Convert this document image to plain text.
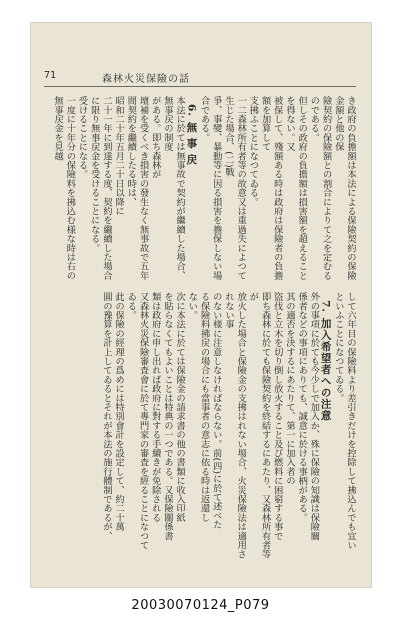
71	森林火災保險の話

き政府の負擔額は本法による保險契約の保險金額と他の保

險契約の保險額との割合によりて之を定むるのである。

但しその政府の負擔額は損害額を超えることを得ない。又

被保して、殘額ある時は政府は保險者の負擔額を加算して

支拂ふことになつてゐる。

一二森林所有者等の故意又は重過失によつて生じた場合、(二)戰

爭、事變、暴動等に因る損害を擔保しない場合である。

6. 無 事 戻

本法に於ては無事故で契約が繼續した場合、無事戻の制度

がある。即ち森林が

壇補を受くべき損害の發生なく無事故で五年間契約を繼續したる時は、

昭和二十年五月二十日以降に

二十一年に到達する度、契約を繼續した場合に限り無事戻金を受けることになる。

受けることになる。

一度に十年分の保險料を拂込む様な時は右の無事戻金を見越

して六年目の保險料より差引きだけを控除して拂込んでも宜い

といふことになつてゐる。

7. 加入希望者への注意

外の事項に於ても今少しで加入か、殊に保險の知識は保險關

係者などの事項にありても、誠意に於ける事柄がある。

其の適否を決するにあたりて、第一に加入者の

盜伐と立木を切り倒し放火すること及び燃料に困窮する事で

即ち森林に於ても保險契約を終結するにあたり、又森林所有者等が

放火した場合と保險金の支拂はれない場合、火災保險法は適用されない事

のない様に注意しなければならない。前(四)に於て述べた

る保險料拂戻の場合にも當事者の意志に依る時は返還し

ない。

次に本法に於ては保險金の請求書の他の書類に收入印紙

を貼らなくてもよいことは特典の一つである。又保險關係書

類は政府に申し出れば政府に對する手續きが免除される

又森林火災保險審査會に於て專門家の審査を經ることになつて

ゐる。

此の保險の經理の爲めには特別會計を設定して、約二十萬

圓の豫算を計上してゐるとそれが本法の施行體制であるが、

20030070124_P079
